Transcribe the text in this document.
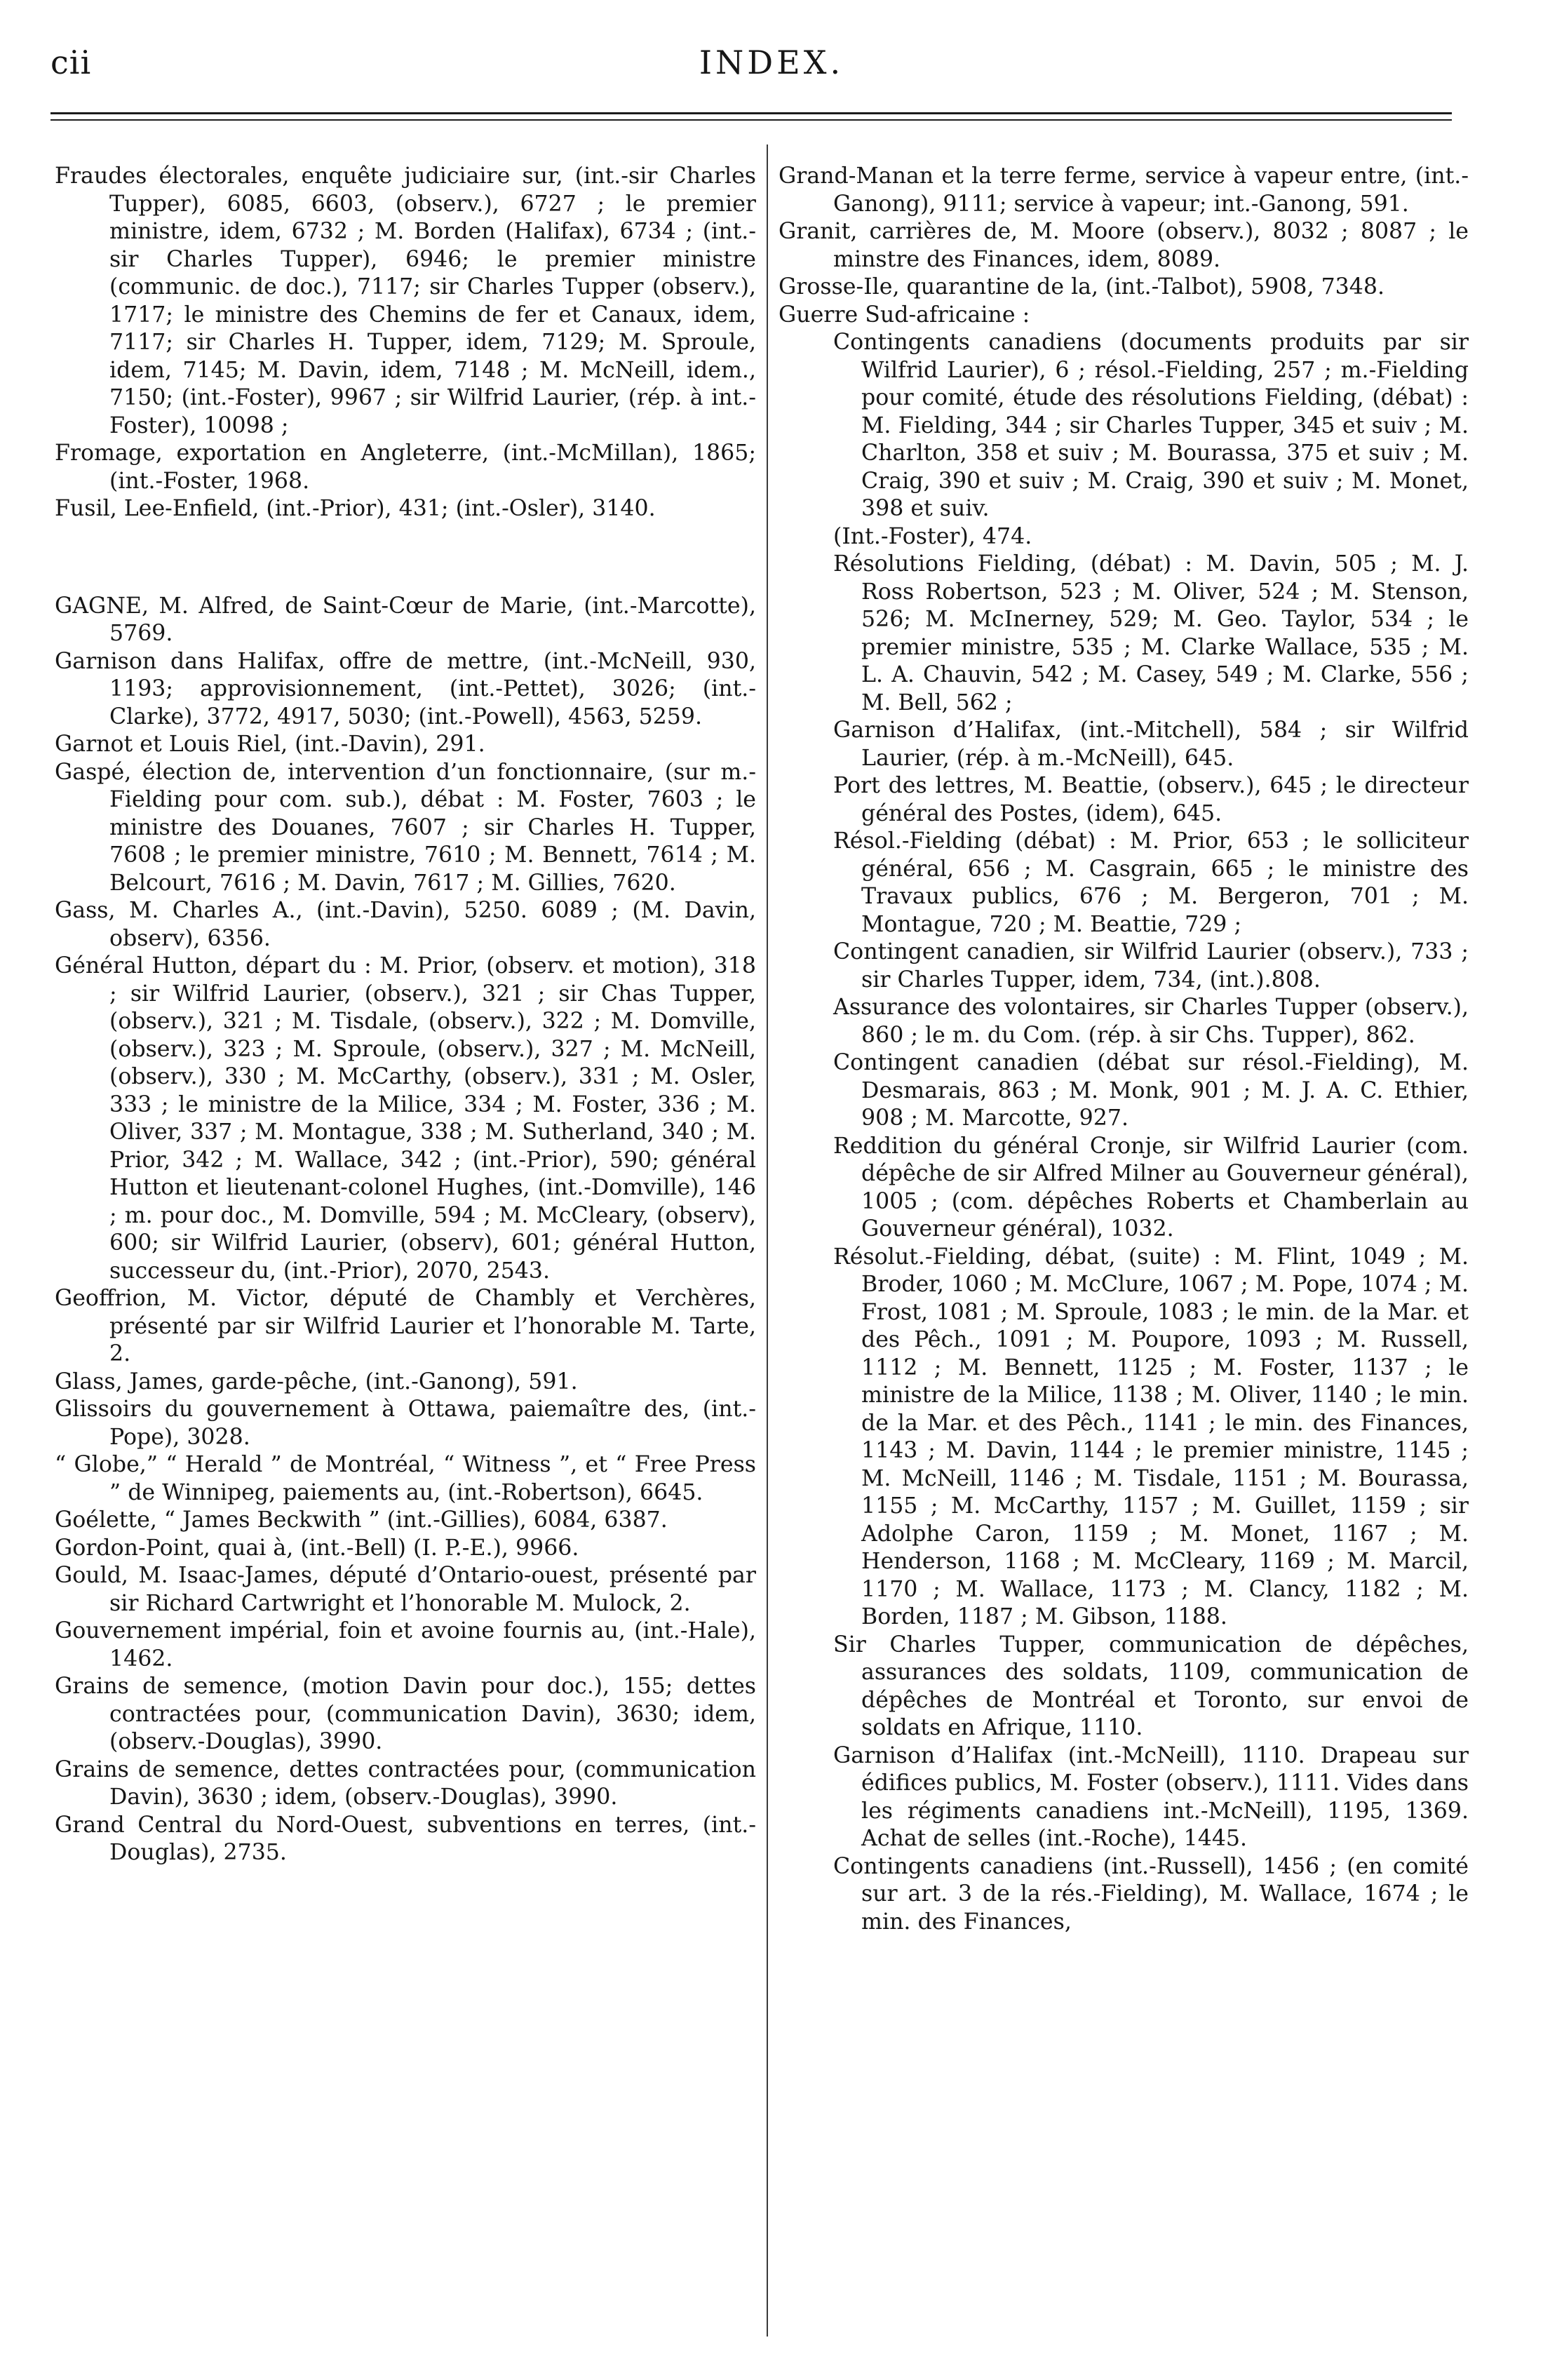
cii	INDEX.
Fraudes électorales, enquête judiciaire sur, (int.-sir Charles Tupper), 6085, 6603, (observ.), 6727 ; le premier ministre, idem, 6732 ; M. Borden (Halifax), 6734 ; (int.-sir Charles Tupper), 6946; le premier ministre (communic. de doc.), 7117; sir Charles Tupper (observ.), 1717; le ministre des Chemins de fer et Canaux, idem, 7117; sir Charles H. Tupper, idem, 7129; M. Sproule, idem, 7145; M. Davin, idem, 7148 ; M. McNeill, idem., 7150; (int.-Foster), 9967 ; sir Wilfrid Laurier, (rép. à int.-Foster), 10098 ;
Fromage, exportation en Angleterre, (int.-McMillan), 1865; (int.-Foster, 1968.
Fusil, Lee-Enfield, (int.-Prior), 431; (int.-Osler), 3140.
GAGNE, M. Alfred, de Saint-Cœur de Marie, (int.-Marcotte), 5769.
Garnison dans Halifax, offre de mettre, (int.-McNeill, 930, 1193; approvisionnement, (int.-Pettet), 3026; (int.-Clarke), 3772, 4917, 5030; (int.-Powell), 4563, 5259.
Garnot et Louis Riel, (int.-Davin), 291.
Gaspé, élection de, intervention d’un fonctionnaire, (sur m.-Fielding pour com. sub.), débat : M. Foster, 7603 ; le ministre des Douanes, 7607 ; sir Charles H. Tupper, 7608 ; le premier ministre, 7610 ; M. Bennett, 7614 ; M. Belcourt, 7616 ; M. Davin, 7617 ; M. Gillies, 7620.
Gass, M. Charles A., (int.-Davin), 5250. 6089 ; (M. Davin, observ), 6356.
Général Hutton, départ du : M. Prior, (observ. et motion), 318 ; sir Wilfrid Laurier, (observ.), 321 ; sir Chas Tupper, (observ.), 321 ; M. Tisdale, (observ.), 322 ; M. Domville, (observ.), 323 ; M. Sproule, (observ.), 327 ; M. McNeill, (observ.), 330 ; M. McCarthy, (observ.), 331 ; M. Osler, 333 ; le ministre de la Milice, 334 ; M. Foster, 336 ; M. Oliver, 337 ; M. Montague, 338 ; M. Sutherland, 340 ; M. Prior, 342 ; M. Wallace, 342 ; (int.-Prior), 590; général Hutton et lieutenant-colonel Hughes, (int.-Domville), 146 ; m. pour doc., M. Domville, 594 ; M. McCleary, (observ), 600; sir Wilfrid Laurier, (observ), 601; général Hutton, successeur du, (int.-Prior), 2070, 2543.
Geoffrion, M. Victor, député de Chambly et Verchères, présenté par sir Wilfrid Laurier et l’honorable M. Tarte, 2.
Glass, James, garde-pêche, (int.-Ganong), 591.
Glissoirs du gouvernement à Ottawa, paiemaître des, (int.-Pope), 3028.
“ Globe,” “ Herald ” de Montréal, “ Witness ”, et “ Free Press ” de Winnipeg, paiements au, (int.-Robertson), 6645.
Goélette, “ James Beckwith ” (int.-Gillies), 6084, 6387.
Gordon-Point, quai à, (int.-Bell) (I. P.-E.), 9966.
Gould, M. Isaac-James, député d’Ontario-ouest, présenté par sir Richard Cartwright et l’honorable M. Mulock, 2.
Gouvernement impérial, foin et avoine fournis au, (int.-Hale), 1462.
Grains de semence, (motion Davin pour doc.), 155; dettes contractées pour, (communication Davin), 3630; idem, (observ.-Douglas), 3990.
Grains de semence, dettes contractées pour, (communication Davin), 3630 ; idem, (observ.-Douglas), 3990.
Grand Central du Nord-Ouest, subventions en terres, (int.-Douglas), 2735.
Grand-Manan et la terre ferme, service à vapeur entre, (int.-Ganong), 9111; service à vapeur; int.-Ganong, 591.
Granit, carrières de, M. Moore (observ.), 8032 ; 8087 ; le minstre des Finances, idem, 8089.
Grosse-Ile, quarantine de la, (int.-Talbot), 5908, 7348.
Guerre Sud-africaine :
Contingents canadiens (documents produits par sir Wilfrid Laurier), 6 ; résol.-Fielding, 257 ; m.-Fielding pour comité, étude des résolutions Fielding, (débat) : M. Fielding, 344 ; sir Charles Tupper, 345 et suiv ; M. Charlton, 358 et suiv ; M. Bourassa, 375 et suiv ; M. Craig, 390 et suiv ; M. Craig, 390 et suiv ; M. Monet, 398 et suiv.
(Int.-Foster), 474.
Résolutions Fielding, (débat) : M. Davin, 505 ; M. J. Ross Robertson, 523 ; M. Oliver, 524 ; M. Stenson, 526; M. McInerney, 529; M. Geo. Taylor, 534 ; le premier ministre, 535 ; M. Clarke Wallace, 535 ; M. L. A. Chauvin, 542 ; M. Casey, 549 ; M. Clarke, 556 ; M. Bell, 562 ;
Garnison d’Halifax, (int.-Mitchell), 584 ; sir Wilfrid Laurier, (rép. à m.-McNeill), 645.
Port des lettres, M. Beattie, (observ.), 645 ; le directeur général des Postes, (idem), 645.
Résol.-Fielding (débat) : M. Prior, 653 ; le solliciteur général, 656 ; M. Casgrain, 665 ; le ministre des Travaux publics, 676 ; M. Bergeron, 701 ; M. Montague, 720 ; M. Beattie, 729 ;
Contingent canadien, sir Wilfrid Laurier (observ.), 733 ; sir Charles Tupper, idem, 734, (int.).808.
Assurance des volontaires, sir Charles Tupper (observ.), 860 ; le m. du Com. (rép. à sir Chs. Tupper), 862.
Contingent canadien (débat sur résol.-Fielding), M. Desmarais, 863 ; M. Monk, 901 ; M. J. A. C. Ethier, 908 ; M. Marcotte, 927.
Reddition du général Cronje, sir Wilfrid Laurier (com. dépêche de sir Alfred Milner au Gouverneur général), 1005 ; (com. dépêches Roberts et Chamberlain au Gouverneur général), 1032.
Résolut.-Fielding, débat, (suite) : M. Flint, 1049 ; M. Broder, 1060 ; M. McClure, 1067 ; M. Pope, 1074 ; M. Frost, 1081 ; M. Sproule, 1083 ; le min. de la Mar. et des Pêch., 1091 ; M. Poupore, 1093 ; M. Russell, 1112 ; M. Bennett, 1125 ; M. Foster, 1137 ; le ministre de la Milice, 1138 ; M. Oliver, 1140 ; le min. de la Mar. et des Pêch., 1141 ; le min. des Finances, 1143 ; M. Davin, 1144 ; le premier ministre, 1145 ; M. McNeill, 1146 ; M. Tisdale, 1151 ; M. Bourassa, 1155 ; M. McCarthy, 1157 ; M. Guillet, 1159 ; sir Adolphe Caron, 1159 ; M. Monet, 1167 ; M. Henderson, 1168 ; M. McCleary, 1169 ; M. Marcil, 1170 ; M. Wallace, 1173 ; M. Clancy, 1182 ; M. Borden, 1187 ; M. Gibson, 1188.
Sir Charles Tupper, communication de dépêches, assurances des soldats, 1109, communication de dépêches de Montréal et Toronto, sur envoi de soldats en Afrique, 1110.
Garnison d’Halifax (int.-McNeill), 1110. Drapeau sur édifices publics, M. Foster (observ.), 1111. Vides dans les régiments canadiens int.-McNeill), 1195, 1369. Achat de selles (int.-Roche), 1445.
Contingents canadiens (int.-Russell), 1456 ; (en comité sur art. 3 de la rés.-Fielding), M. Wallace, 1674 ; le min. des Finances,
